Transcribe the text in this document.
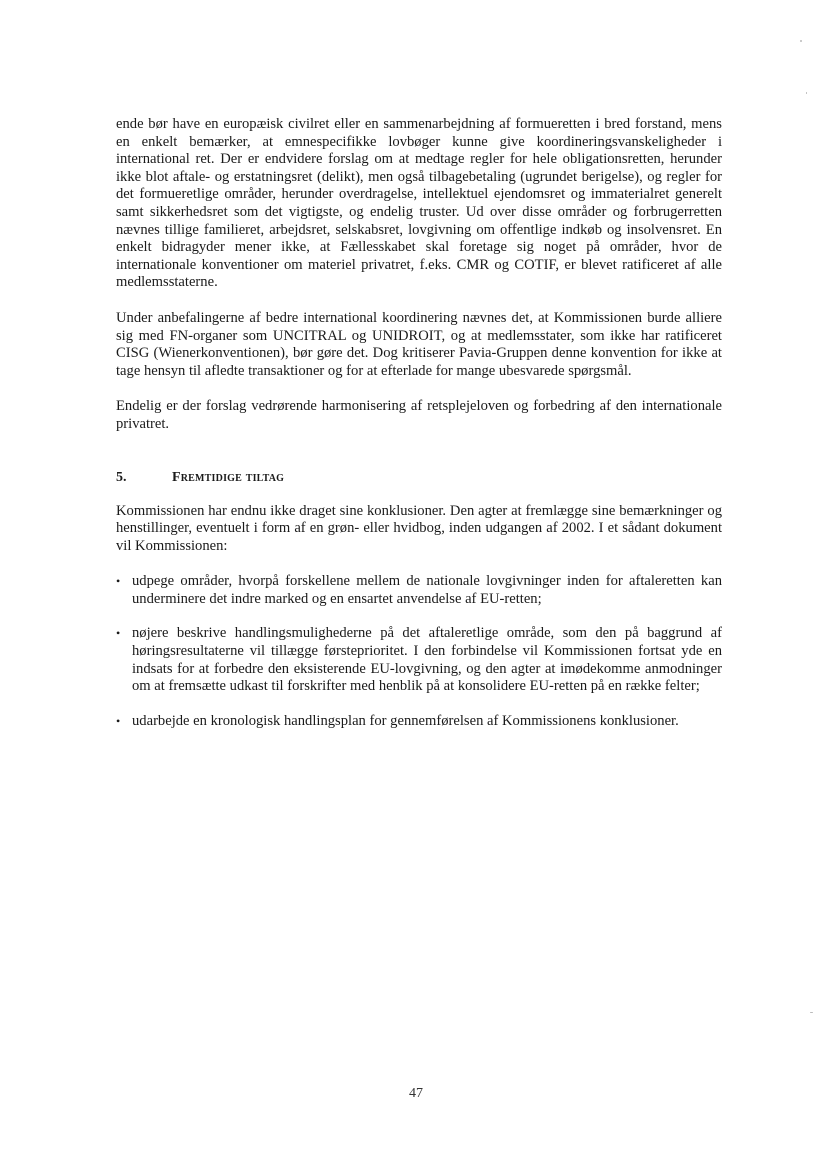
ende bør have en europæisk civilret eller en sammenarbejdning af formueretten i bred forstand, mens en enkelt bemærker, at emnespecifikke lovbøger kunne give koordineringsvanskeligheder i international ret. Der er endvidere forslag om at medtage regler for hele obligationsretten, herunder ikke blot aftale- og erstatningsret (delikt), men også tilbagebetaling (ugrundet berigelse), og regler for det formueretlige områder, herunder overdragelse, intellektuel ejendomsret og immaterialret generelt samt sikkerhedsret som det vigtigste, og endelig truster. Ud over disse områder og forbrugerretten nævnes tillige familieret, arbejdsret, selskabsret, lovgivning om offentlige indkøb og insolvensret. En enkelt bidragyder mener ikke, at Fællesskabet skal foretage sig noget på områder, hvor de internationale konventioner om materiel privatret, f.eks. CMR og COTIF, er blevet ratificeret af alle medlemsstaterne.

Under anbefalingerne af bedre international koordinering nævnes det, at Kommissionen burde alliere sig med FN-organer som UNCITRAL og UNIDROIT, og at medlemsstater, som ikke har ratificeret CISG (Wienerkonventionen), bør gøre det. Dog kritiserer Pavia-Gruppen denne konvention for ikke at tage hensyn til afledte transaktioner og for at efterlade for mange ubesvarede spørgsmål.

Endelig er der forslag vedrørende harmonisering af retsplejeloven og forbedring af den internationale privatret.

5.	Fremtidige tiltag

Kommissionen har endnu ikke draget sine konklusioner. Den agter at fremlægge sine bemærkninger og henstillinger, eventuelt i form af en grøn- eller hvidbog, inden udgangen af 2002. I et sådant dokument vil Kommissionen:

• udpege områder, hvorpå forskellene mellem de nationale lovgivninger inden for aftaleretten kan underminere det indre marked og en ensartet anvendelse af EU-retten;
• nøjere beskrive handlingsmulighederne på det aftaleretlige område, som den på baggrund af høringsresultaterne vil tillægge førsteprioritet. I den forbindelse vil Kommissionen fortsat yde en indsats for at forbedre den eksisterende EU-lovgivning, og den agter at imødekomme anmodninger om at fremsætte udkast til forskrifter med henblik på at konsolidere EU-retten på en række felter;
• udarbejde en kronologisk handlingsplan for gennemførelsen af Kommissionens konklusioner.
47
